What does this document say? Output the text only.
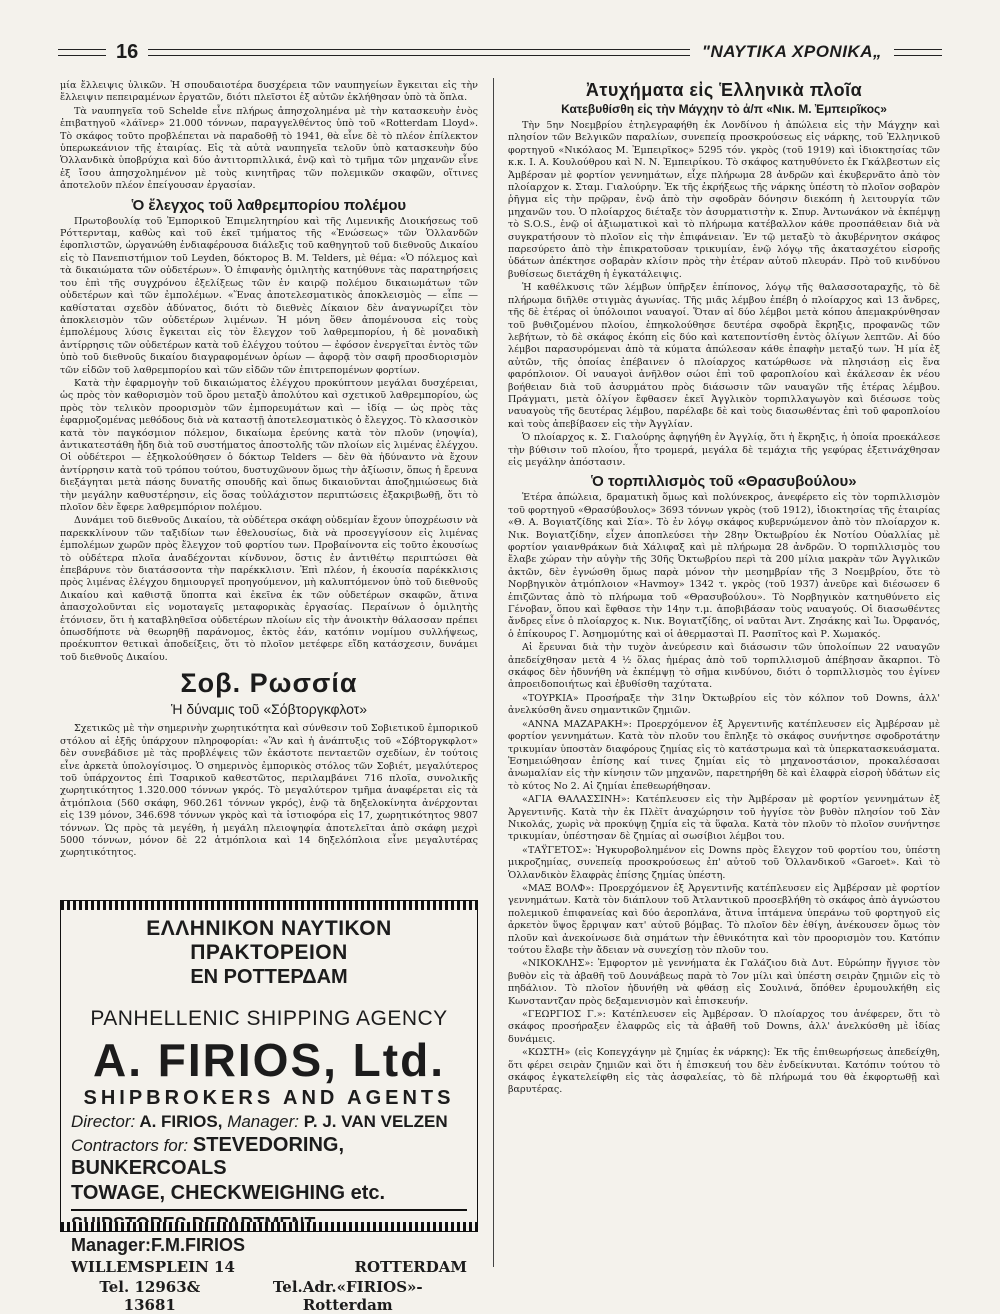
16	"ΝΑΥΤΙΚΑ ΧΡΟΝΙΚΑ„

μία ἔλλειψις ὑλικῶν. Ἡ σπουδαιοτέρα δυσχέρεια τῶν ναυπηγείων ἔγκειται εἰς τὴν ἔλλειψιν πεπειραμένων ἐργατῶν, διότι πλεῖστοι ἐξ αὐτῶν ἐκλήθησαν ὑπὸ τὰ ὅπλα.

Τὰ ναυπηγεῖα τοῦ Schelde εἶνε πλήρως ἀπησχολημένα μὲ τὴν κατασκευὴν ἑνὸς ἐπιβατηγοῦ «λάϊνερ» 21.000 τόννων, παραγγελθέντος ὑπὸ τοῦ «Rotterdam Lloyd». Τὸ σκάφος τοῦτο προβλέπεται νὰ παραδοθῇ τὸ 1941, θὰ εἶνε δὲ τὸ πλέον ἐπίλεκτον ὑπερωκεάνιον τῆς ἑταιρίας. Εἰς τὰ αὐτὰ ναυπηγεῖα τελοῦν ὑπὸ κατασκευὴν δύο Ὁλλανδικὰ ὑποβρύχια καὶ δύο ἀντιτορπιλλικά, ἐνῷ καὶ τὸ τμῆμα τῶν μηχανῶν εἶνε ἐξ ἴσου ἀπησχολημένον μὲ τοὺς κινητῆρας τῶν πολεμικῶν σκαφῶν, οἵτινες ἀποτελοῦν πλέον ἐπείγουσαν ἐργασίαν.

Ὁ ἔλεγχος τοῦ λαθρεμπορίου πολέμου

Πρωτοβουλίᾳ τοῦ Ἐμπορικοῦ Ἐπιμελητηρίου καὶ τῆς Λιμενικῆς Διοικήσεως τοῦ Ρόττερνταμ, καθὼς καὶ τοῦ ἐκεῖ τμήματος τῆς «Ἑνώσεως» τῶν Ὁλλανδῶν ἐφοπλιστῶν, ὠργανώθη ἐνδιαφέρουσα διάλεξις τοῦ καθηγητοῦ τοῦ διεθνοῦς Δικαίου εἰς τὸ Πανεπιστήμιον τοῦ Leyden, δόκτορος Β. Μ. Telders, μὲ θέμα: «Ὁ πόλεμος καὶ τὰ δικαιώματα τῶν οὐδετέρων». Ὁ ἐπιφανὴς ὁμιλητὴς κατηύθυνε τὰς παρατηρήσεις του ἐπὶ τῆς συγχρόνου ἐξελίξεως τῶν ἐν καιρῷ πολέμου δικαιωμάτων τῶν οὐδετέρων καὶ τῶν ἐμπολέμων. «Ἕνας ἀποτελεσματικὸς ἀποκλεισμὸς — εἶπε — καθίσταται σχεδὸν ἀδύνατος, διότι τὸ διεθνὲς Δίκαιον δὲν ἀναγνωρίζει τὸν ἀποκλεισμὸν τῶν οὐδετέρων λιμένων. Ἡ μόνη ὅθεν ἀπομένουσα εἰς τοὺς ἐμπολέμους λύσις ἔγκειται εἰς τὸν ἔλεγχον τοῦ λαθρεμπορίου, ἡ δὲ μοναδικὴ ἀντίρρησις τῶν οὐδετέρων κατὰ τοῦ ἐλέγχου τούτου — ἐφόσον ἐνεργεῖται ἐντὸς τῶν ὑπὸ τοῦ διεθνοῦς δικαίου διαγραφομένων ὁρίων — ἀφορᾷ τὸν σαφῆ προσδιορισμὸν τῶν εἰδῶν τοῦ λαθρεμπορίου καὶ τῶν εἰδῶν τῶν ἐπιτρεπομένων φορτίων.

Κατὰ τὴν ἐφαρμογὴν τοῦ δικαιώματος ἐλέγχου προκύπτουν μεγάλαι δυσχέρειαι, ὡς πρὸς τὸν καθορισμὸν τοῦ ὅρου μεταξὺ ἀπολύτου καὶ σχετικοῦ λαθρεμπορίου, ὡς πρὸς τὸν τελικὸν προορισμὸν τῶν ἐμπορευμάτων καὶ — ἰδίᾳ — ὡς πρὸς τὰς ἐφαρμοζομένας μεθόδους διὰ νὰ καταστῇ ἀποτελεσματικὸς ὁ ἔλεγχος. Τὸ κλασσικὸν κατὰ τὸν παγκόσμιον πόλεμον, δικαίωμα ἐρεύνης κατὰ τὸν πλοῦν (νηοψία), ἀντικατεστάθη ἤδη διὰ τοῦ συστήματος ἀποστολῆς τῶν πλοίων εἰς λιμένας ἐλέγχου. Οἱ οὐδέτεροι — ἐξηκολούθησεν ὁ δόκτωρ Telders — δὲν θὰ ἠδύναντο νὰ ἔχουν ἀντίρρησιν κατὰ τοῦ τρόπου τούτου, δυστυχῶνουν ὅμως τὴν ἀξίωσιν, ὅπως ἡ ἔρευνα διεξάγηται μετὰ πάσης δυνατῆς σπουδῆς καὶ ὅπως δικαιοῦνται ἀποζημιώσεως διὰ τὴν μεγάλην καθυστέρησιν, εἰς ὅσας τοὐλάχιστον περιπτώσεις ἐξακριβωθῇ, ὅτι τὸ πλοῖον δὲν ἔφερε λαθρεμπόριον πολέμου.

Δυνάμει τοῦ διεθνοῦς Δικαίου, τὰ οὐδέτερα σκάφη οὐδεμίαν ἔχουν ὑποχρέωσιν νὰ παρεκκλίνουν τῶν ταξιδίων των ἐθελουσίως, διὰ νὰ προσεγγίσουν εἰς λιμένας ἐμπολέμων χωρῶν πρὸς ἔλεγχον τοῦ φορτίου των. Προβαίνοντα εἰς τοῦτο ἑκουσίως τὸ οὐδέτερα πλοῖα ἀναδέχονται κίνδυνον, ὅστις ἐν ἀντιθέτῳ περιπτώσει θὰ ἐπεβάρυνε τὸν διατάσσοντα τὴν παρέκκλισιν. Ἐπὶ πλέον, ἡ ἑκουσία παρέκκλισις πρὸς λιμένας ἐλέγχου δημιουργεῖ προηγούμενον, μὴ καλυπτόμενον ὑπὸ τοῦ διεθνοῦς Δικαίου καὶ καθιστᾷ ὕποπτα καὶ ἐκεῖνα ἐκ τῶν οὐδετέρων σκαφῶν, ἅτινα ἀπασχολοῦνται εἰς νομοταγεῖς μεταφορικὰς ἐργασίας. Περαίνων ὁ ὁμιλητὴς ἐτόνισεν, ὅτι ἡ καταβληθεῖσα οὐδετέρων πλοίων εἰς τὴν ἀνοικτὴν θάλασσαν πρέπει ὁπωσδήποτε νὰ θεωρηθῇ παράνομος, ἐκτὸς ἐάν, κατόπιν νομίμου συλλήψεως, προέκυπτον θετικαὶ ἀποδείξεις, ὅτι τὸ πλοῖον μετέφερε εἴδη κατάσχεσιν, δυνάμει τοῦ διεθνοῦς Δικαίου.

Σοβ. Ρωσσία
Ἡ δύναμις τοῦ «Σόβτοργκφλοτ»

Σχετικῶς μὲ τὴν σημερινὴν χωρητικότητα καὶ σύνθεσιν τοῦ Σοβιετικοῦ ἐμπορικοῦ στόλου αἱ ἐξῆς ὑπάρχουν πληροφορίαι: «Ἂν καὶ ἡ ἀνάπτυξις τοῦ «Σόβτοργκφλοτ» δὲν συνεβάδισε μὲ τὰς προβλέψεις τῶν ἑκάστοτε πενταετῶν σχεδίων, ἐν τούτοις εἶνε ἀρκετὰ ὑπολογίσιμος. Ὁ σημερινὸς ἐμπορικὸς στόλος τῶν Σοβιέτ, μεγαλύτερος τοῦ ὑπάρχοντος ἐπὶ Τσαρικοῦ καθεστῶτος, περιλαμβάνει 716 πλοῖα, συνολικῆς χωρητικότητος 1.320.000 τόννων γκρός. Τὸ μεγαλύτερον τμῆμα ἀναφέρεται εἰς τὰ ἀτμόπλοια (560 σκάφη, 960.261 τόννων γκρός), ἐνῷ τὰ δηξελοκίνητα ἀνέρχονται εἰς 139 μόνον, 346.698 τόννων γκρὸς καὶ τὰ ἱστιοφόρα εἰς 17, χωρητικότητος 9807 τόννων. Ὡς πρὸς τὰ μεγέθη, ἡ μεγάλη πλειοψηφία ἀποτελεῖται ἀπὸ σκάφη μεχρὶ 5000 τόννων, μόνον δὲ 22 ἀτμόπλοια καὶ 14 δηξελόπλοια εἶνε μεγαλυτέρας χωρητικότητος.

ΕΛΛΗΝΙΚΟΝ ΝΑΥΤΙΚΟΝ ΠΡΑΚΤΟΡΕΙΟΝ
ΕΝ ΡΟΤΤΕΡΔΑΜ
PANHELLENIC SHIPPING AGENCY
A. FIRIOS, Ltd.
SHIPBROKERS AND AGENTS
Director: A. FIRIOS, Manager: P. J. VAN VELZEN
Contractors for: STEVEDORING, BUNKERCOALS
TOWAGE, CHECKWEIGHING etc.
Manager:F.M.FIRIOS
WILLEMSPLEIN 14	ROTTERDAM
Tel. 12963& 13681
Tel.Adr.«FIRIOS»-Rotterdam
Ἀτυχήματα εἰς Ἑλληνικὰ πλοῖα
Κατεβυθίσθη εἰς τὴν Μάγχην τὸ ἀ/π «Νικ. Μ. Ἐμπειρῖκος»

Τὴν 5ην Νοεμβρίου ἐτηλεγραφήθη ἐκ Λονδίνου ἡ ἀπώλεια εἰς τὴν Μάγχην καὶ πλησίον τῶν Βελγικῶν παραλίων, συνεπείᾳ προσκρούσεως εἰς νάρκης, τοῦ Ἑλληνικοῦ φορτηγοῦ «Νικόλαος Μ. Ἐμπειρῖκος» 5295 τόν. γκρὸς (τοῦ 1919) καὶ ἰδιοκτησίας τῶν κ.κ. Ι. Α. Κουλούθρου καὶ Ν. Ν. Ἐμπειρίκου. Τὸ σκάφος κατηυθύνετο ἐκ Γκάλβεστων εἰς Ἀμβέρσαν μὲ φορτίον γεννημάτων, εἶχε πλήρωμα 28 ἀνδρῶν καὶ ἐκυβερνᾶτο ἀπὸ τὸν πλοίαρχον κ. Σταμ. Γιαλούρην. Ἐκ τῆς ἐκρήξεως τῆς νάρκης ὑπέστη τὸ πλοῖον σοβαρὸν ῥῆγμα εἰς τὴν πρῷραν, ἐνῷ ἀπὸ τὴν σφοδρὰν δόνησιν διεκόπη ἡ λειτουργία τῶν μηχανῶν του. Ὁ πλοίαρχος διέταξε τὸν ἀσυρματιστὴν κ. Σπυρ. Ἀντωνάκον νὰ ἐκπέμψῃ τὸ S.O.S., ἐνῷ οἱ ἀξιωματικοὶ καὶ τὸ πλήρωμα κατέβαλλον κάθε προσπάθειαν διὰ νὰ συγκρατήσουν τὸ πλοῖον εἰς τὴν ἐπιφάνειαν. Ἐν τῷ μεταξὺ τὸ ἀκυβέρνητον σκάφος παρεσύρετο ἀπὸ τὴν ἐπικρατοῦσαν τρικυμίαν, ἐνῷ λόγῳ τῆς ἀκατασχέτου εἰσροῆς ὑδάτων ἀπέκτησε σοβαρὰν κλίσιν πρὸς τὴν ἑτέραν αὐτοῦ πλευράν. Πρὸ τοῦ κινδύνου βυθίσεως διετάχθη ἡ ἐγκατάλειψις.

Ἡ καθέλκυσις τῶν λέμβων ὑπῆρξεν ἐπίπονος, λόγῳ τῆς θαλασσοταραχῆς, τὸ δὲ πλήρωμα διῆλθε στιγμὰς ἀγωνίας. Τῆς μιᾶς λέμβου ἐπέβη ὁ πλοίαρχος καὶ 13 ἄνδρες, τῆς δὲ ἑτέρας οἱ ὑπόλοιποι ναυαγοί. Ὅταν αἱ δύο λέμβοι μετὰ κόπου ἀπεμακρύνθησαν τοῦ βυθιζομένου πλοίου, ἐπηκολούθησε δευτέρα σφοδρὰ ἔκρηξις, προφανῶς τῶν λεβήτων, τὸ δὲ σκάφος ἐκόπη εἰς δύο καὶ κατεποντίσθη ἐντὸς ὀλίγων λεπτῶν. Αἱ δύο λέμβοι παρασυρόμεναι ἀπὸ τὰ κύματα ἀπώλεσαν κάθε ἐπαφὴν μεταξύ των. Ἡ μία ἐξ αὐτῶν, τῆς ὁποίας ἐπέβαινεν ὁ πλοίαρχος κατώρθωσε νὰ πλησιάσῃ εἰς ἕνα φαρόπλοιον. Οἱ ναυαγοὶ ἀνῆλθον σώοι ἐπὶ τοῦ φαροπλοίου καὶ ἐκάλεσαν ἐκ νέου βοήθειαν διὰ τοῦ ἀσυρμάτου πρὸς διάσωσιν τῶν ναυαγῶν τῆς ἑτέρας λέμβου. Πράγματι, μετὰ ὀλίγον ἔφθασεν ἐκεῖ Ἀγγλικὸν τορπιλλαγωγὸν καὶ διέσωσε τοὺς ναυαγοὺς τῆς δευτέρας λέμβου, παρέλαβε δὲ καὶ τοὺς διασωθέντας ἐπὶ τοῦ φαροπλοίου καὶ τοὺς ἀπεβίβασεν εἰς τὴν Ἀγγλίαν.

Ὁ πλοίαρχος κ. Σ. Γιαλούρης ἀφηγήθη ἐν Ἀγγλίᾳ, ὅτι ἡ ἔκρηξις, ἡ ὁποία προεκάλεσε τὴν βύθισιν τοῦ πλοίου, ἦτο τρομερά, μεγάλα δὲ τεμάχια τῆς γεφύρας ἐξετινάχθησαν εἰς μεγάλην ἀπόστασιν.

Ὁ τορπιλλισμὸς τοῦ «Θρασυβούλου»

Ἑτέρα ἀπώλεια, δραματικὴ ὅμως καὶ πολύνεκρος, ἀνεφέρετο εἰς τὸν τορπιλλισμὸν τοῦ φορτηγοῦ «Θρασύβουλος» 3693 τόννων γκρὸς (τοῦ 1912), ἰδιοκτησίας τῆς ἑταιρίας «Θ. Α. Βογιατζίδης καὶ Σία». Τὸ ἐν λόγῳ σκάφος κυβερνώμενον ἀπὸ τὸν πλοίαρχον κ. Νικ. Βογιατζίδην, εἶχεν ἀποπλεύσει τὴν 28ην Ὀκτωβρίου ἐκ Νοτίου Οὐαλλίας μὲ φορτίον γαιανθράκων διὰ Χάλιφαξ καὶ μὲ πλήρωμα 28 ἀνδρῶν. Ὁ τορπιλλισμὸς του ἔλαβε χώραν τὴν αὐγὴν τῆς 30ῆς Ὀκτωβρίου περὶ τὰ 200 μίλια μακρὰν τῶν Ἀγγλικῶν ἀκτῶν, δὲν ἐγνώσθη ὅμως παρὰ μόνον τὴν μεσημβρίαν τῆς 3 Νοεμβρίου, ὅτε τὸ Νορβηγικὸν ἀτμόπλοιον «Havmoy» 1342 τ. γκρὸς (τοῦ 1937) ἀνεῦρε καὶ διέσωσεν 6 ἐπιζῶντας ἀπὸ τὸ πλήρωμα τοῦ «Θρασυβούλου». Τὸ Νορβηγικὸν κατηυθύνετο εἰς Γένοβαν, ὅπου καὶ ἔφθασε τὴν 14ην τ.μ. ἀποβιβάσαν τοὺς ναυαγούς. Οἱ διασωθέντες ἄνδρες εἶνε ὁ πλοίαρχος κ. Νικ. Βογιατζίδης, οἱ ναῦται Ἀντ. Ζησάκης καὶ Ἰω. Ὀρφανός, ὁ ἐπίκουρος Γ. Ἀσημομύτης καὶ οἱ ἀθερμασταὶ Π. Ρασπῖτος καὶ Ρ. Χωμακός.

Αἱ ἔρευναι διὰ τὴν τυχὸν ἀνεύρεσιν καὶ διάσωσιν τῶν ὑπολοίπων 22 ναυαγῶν ἀπεδείχθησαν μετὰ 4 ½ ὅλας ἡμέρας ἀπὸ τοῦ τορπιλλισμοῦ ἀπέβησαν ἄκαρποι. Τὸ σκάφος δὲν ἠδυνήθη νὰ ἐκπέμψῃ τὸ σῆμα κινδύνου, διότι ὁ τορπιλλισμὸς του ἐγίνεν ἀπροειδοποιήτως καὶ ἐβυθίσθη ταχύτατα.

«ΤΟΥΡΚΙΑ» Προσήραξε τὴν 31ην Ὀκτωβρίου εἰς τὸν κόλπον τοῦ Downs, ἀλλ' ἀνελκύσθη ἄνευ σημαντικῶν ζημιῶν.

«ΑΝΝΑ ΜΑΖΑΡΑΚΗ»: Προερχόμενον ἐξ Ἀργεντινῆς κατέπλευσεν εἰς Ἀμβέρσαν μὲ φορτίον γεννημάτων. Κατὰ τὸν πλοῦν του ἔπληξε τὸ σκάφος συνήντησε σφοδροτάτην τρικυμίαν ὑποστὰν διαφόρους ζημίας εἰς τὸ κατάστρωμα καὶ τὰ ὑπερκατασκευάσματα. Ἐσημειώθησαν ἐπίσης καί τινες ζημίαι εἰς τὸ μηχανοστάσιον, προκαλέσασαι ἀνωμαλίαν εἰς τὴν κίνησιν τῶν μηχανῶν, παρετηρήθη δὲ καὶ ἐλαφρὰ εἰσροὴ ὑδάτων εἰς τὸ κύτος No 2. Αἱ ζημίαι ἐπεθεωρήθησαν.

«ΑΓΙΑ ΘΑΛΑΣΣΙΝΗ»: Κατέπλευσεν εἰς τὴν Ἀμβέρσαν μὲ φορτίον γεννημάτων ἐξ Ἀργεντινῆς. Κατὰ τὴν ἐκ Πλὲϊτ ἀναχώρησιν τοῦ ἠγγίσε τὸν βυθὸν πλησίον τοῦ Σὰν Νικολάς, χωρὶς νὰ προκύψῃ ζημία εἰς τὰ ὕφαλα. Κατὰ τὸν πλοῦν τὸ πλοῖον συνήντησε τρικυμίαν, ὑπέστησαν δὲ ζημίας αἱ σωσίβιοι λέμβοι του.

«ΤΑΫΓΕΤΟΣ»: Ἠγκυροβολημένον εἰς Downs πρὸς ἔλεγχον τοῦ φορτίου του, ὑπέστη μικροζημίας, συνεπείᾳ προσκρούσεως ἐπ' αὐτοῦ τοῦ Ὁλλανδικοῦ «Garoet». Καὶ τὸ Ὁλλανδικὸν ἔλαφρὰς ἐπίσης ζημίας ὑπέστη.

«ΜΑΞ ΒΟΛΦ»: Προερχόμενον ἐξ Ἀργεντινῆς κατέπλευσεν εἰς Ἀμβέρσαν μὲ φορτίον γεννημάτων. Κατὰ τὸν διάπλουν τοῦ Ἀτλαντικοῦ προσεβλήθη τὸ σκάφος ἀπὸ ἀγνώστου πολεμικοῦ ἐπιφανείας καὶ δύο ἀεροπλάνα, ἅτινα ἱπτάμενα ὑπεράνω τοῦ φορτηγοῦ εἰς ἀρκετὸν ὕψος ἔρριψαν κατ' αὐτοῦ βόμβας. Τὸ πλοῖον δὲν ἐθίγη, ἀνέκουσεν ὅμως τὸν πλοῦν καὶ ἀνεκοίνωσε διὰ σημάτων τὴν ἐθνικότητα καὶ τὸν προορισμὸν του. Κατόπιν τούτου ἔλαβε τὴν ἄδειαν νὰ συνεχίσῃ τὸν πλοῦν του.

«ΝΙΚΟΚΛΗΣ»: Ἐμφορτον μὲ γεννήματα ἐκ Γαλάζιου διὰ Δυτ. Εὐρώπην ἤγγισε τὸν βυθὸν εἰς τὰ ἀβαθῆ τοῦ Δουνάβεως παρὰ τὸ 7ον μίλι καὶ ὑπέστη σειρὰν ζημιῶν εἰς τὸ πηδάλιον. Τὸ πλοῖον ἠδυνήθη νὰ φθάσῃ εἰς Σουλινά, ὅπόθεν ἐρυμουλκήθη εἰς Κωνσταντζαν πρὸς δεξαμενισμὸν καὶ ἐπισκευήν.

«ΓΕΩΡΓΙΟΣ Γ.»: Κατέπλευσεν εἰς Ἀμβέρσαν. Ὁ πλοίαρχος του ἀνέφερεν, ὅτι τὸ σκάφος προσήραξεν ἐλαφρῶς εἰς τὰ ἀβαθῆ τοῦ Downs, ἀλλ' ἀνελκύσθη μὲ ἰδίας δυνάμεις.

«ΚΩΣΤΗ» (εἰς Κοπεγχάγην μὲ ζημίας ἐκ νάρκης): Ἐκ τῆς ἐπιθεωρήσεως ἀπεδείχθη, ὅτι φέρει σειρὰν ζημιῶν καὶ ὅτι ἡ ἐπισκευή του δὲν ἐνδείκνυται. Κατόπιν τούτου τὸ σκάφος ἐγκατελείφθη εἰς τὰς ἀσφαλείας, τὸ δὲ πλήρωμά του θὰ ἐκφορτωθῇ καὶ βαρυτέρας.
